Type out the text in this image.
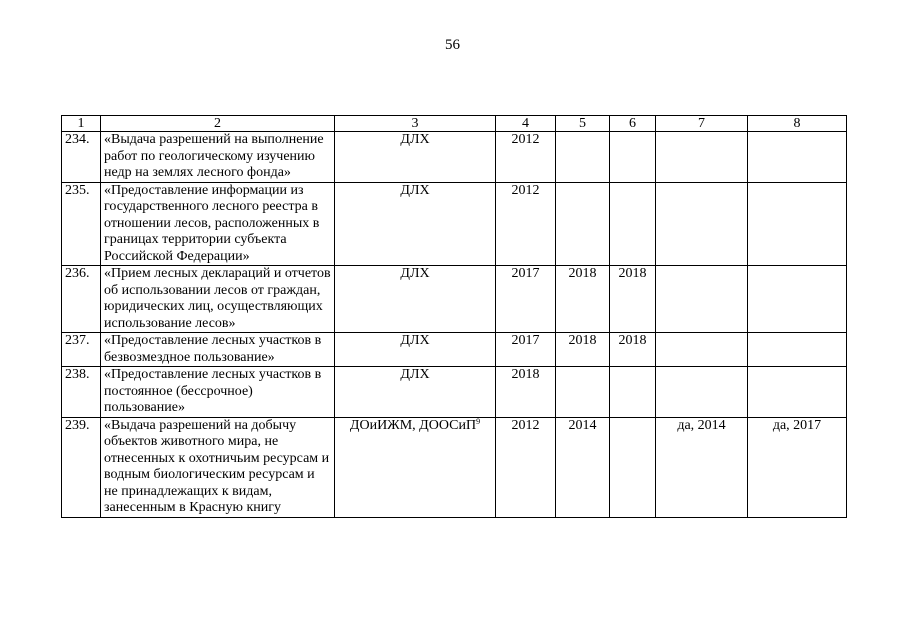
56
1	2	3	4	5	6	7	8
234.	«Выдача разрешений на выполнение работ по геологическому изучению недр на землях лесного фонда»	ДЛХ	2012				
235.	«Предоставление информации из государственного лесного реестра в отношении лесов, расположенных в границах территории субъекта Российской Федерации»	ДЛХ	2012				
236.	«Прием лесных деклараций и отчетов об использовании лесов от граждан, юридических лиц, осуществляющих использование лесов»	ДЛХ	2017	2018	2018		
237.	«Предоставление лесных участков в безвозмездное пользование»	ДЛХ	2017	2018	2018		
238.	«Предоставление лесных участков в постоянное (бессрочное) пользование»	ДЛХ	2018				
239.	«Выдача разрешений на добычу объектов животного мира, не отнесенных к охотничьим ресурсам и водным биологическим ресурсам и не принадлежащих к видам, занесенным в Красную книгу	ДОиИЖМ, ДООСиП$^9$	2012	2014		да, 2014	да, 2017
